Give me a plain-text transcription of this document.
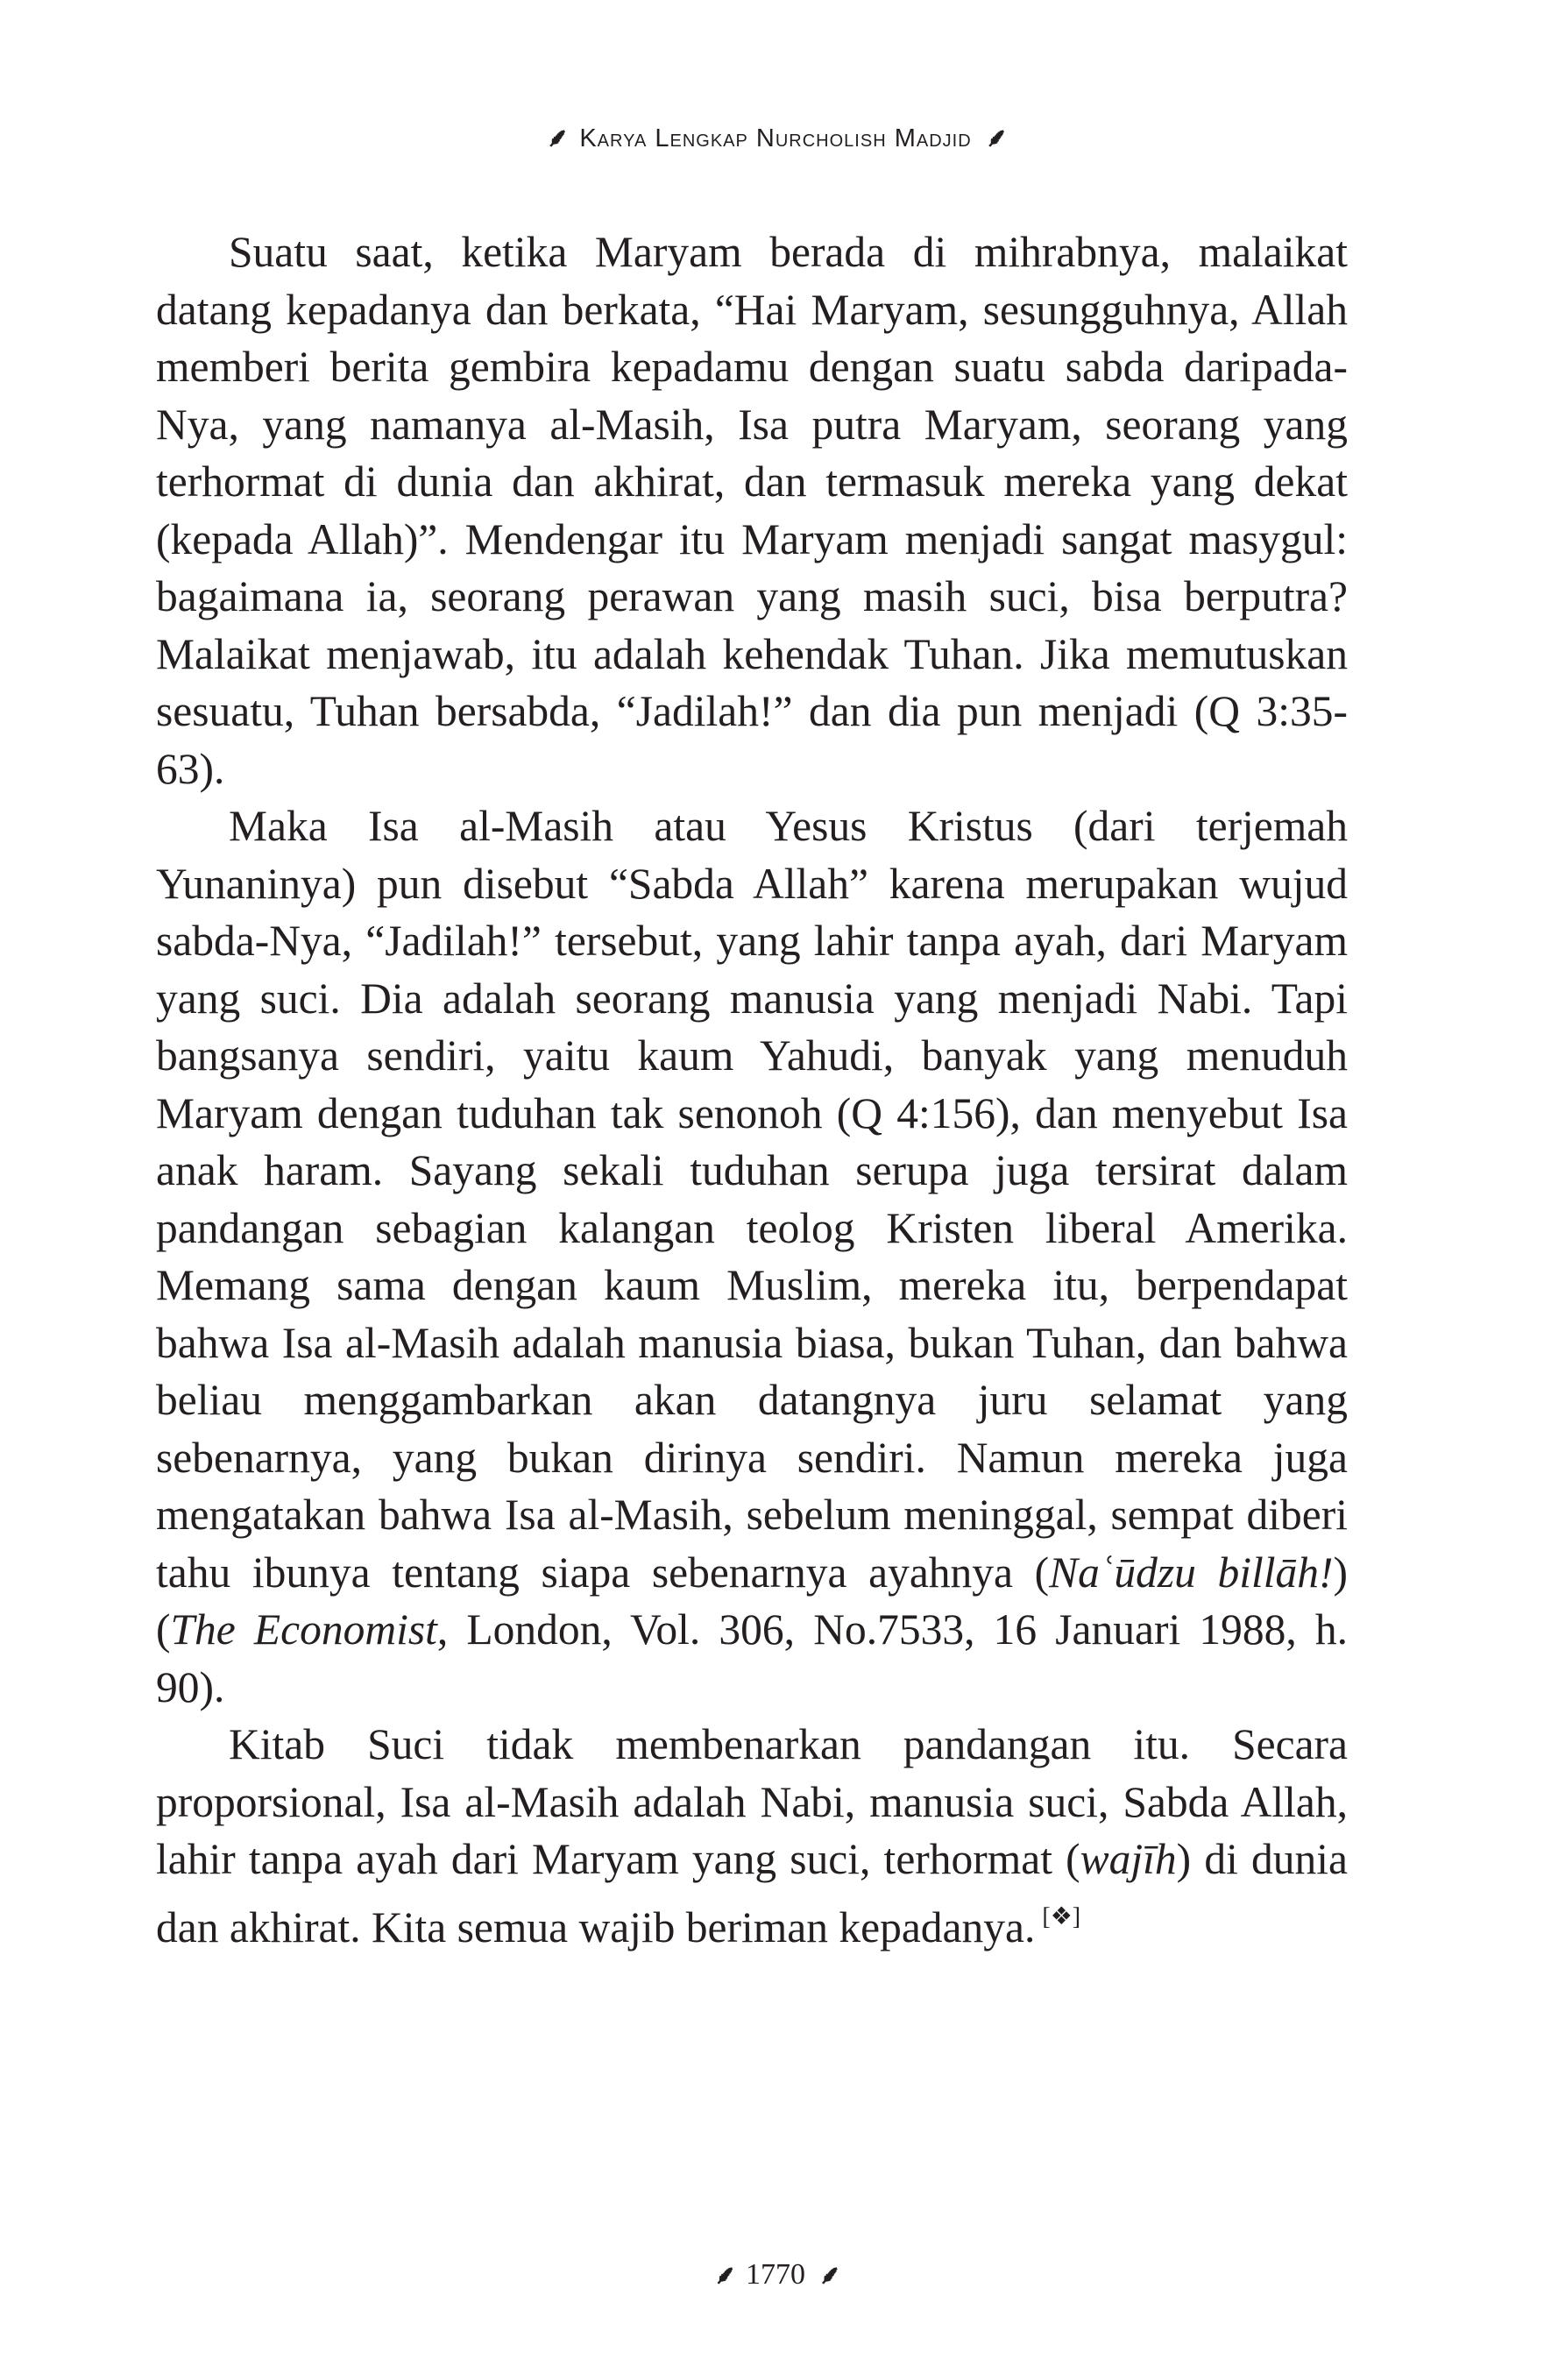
⸙ Karya Lengkap Nurcholish Madjid ⸙

Suatu saat, ketika Maryam berada di mihrabnya, malaikat datang kepadanya dan berkata, “Hai Maryam, sesungguhnya, Allah memberi berita gembira kepadamu dengan suatu sabda daripada-Nya, yang namanya al-Masih, Isa putra Maryam, seorang yang terhormat di dunia dan akhirat, dan termasuk mereka yang dekat (kepada Allah)”. Mendengar itu Maryam menjadi sangat masygul: bagaimana ia, seorang perawan yang masih suci, bisa berputra? Malaikat menjawab, itu adalah kehendak Tuhan. Jika memutuskan sesuatu, Tuhan bersabda, “Jadilah!” dan dia pun menjadi (Q 3:35-63).

Maka Isa al-Masih atau Yesus Kristus (dari terjemah Yunaninya) pun disebut “Sabda Allah” karena merupakan wujud sabda-Nya, “Jadilah!” tersebut, yang lahir tanpa ayah, dari Maryam yang suci. Dia adalah seorang manusia yang menjadi Nabi. Tapi bangsanya sendiri, yaitu kaum Yahudi, banyak yang menuduh Maryam dengan tuduhan tak senonoh (Q 4:156), dan menyebut Isa anak haram. Sayang sekali tuduhan serupa juga tersirat dalam pandangan sebagian kalangan teolog Kristen liberal Amerika. Memang sama dengan kaum Muslim, mereka itu, berpendapat bahwa Isa al-Masih adalah manusia biasa, bukan Tuhan, dan bahwa beliau menggambarkan akan datangnya juru selamat yang sebenarnya, yang bukan dirinya sendiri. Namun mereka juga mengatakan bahwa Isa al-Masih, sebelum meninggal, sempat diberi tahu ibunya tentang siapa sebenarnya ayahnya (Naʿūdzu billāh!) (The Economist, London, Vol. 306, No.7533, 16 Januari 1988, h. 90).

Kitab Suci tidak membenarkan pandangan itu. Secara proporsional, Isa al-Masih adalah Nabi, manusia suci, Sabda Allah, lahir tanpa ayah dari Maryam yang suci, terhormat (wajīh) di dunia dan akhirat. Kita semua wajib beriman kepadanya. [❖]

⸙ 1770 ⸙
